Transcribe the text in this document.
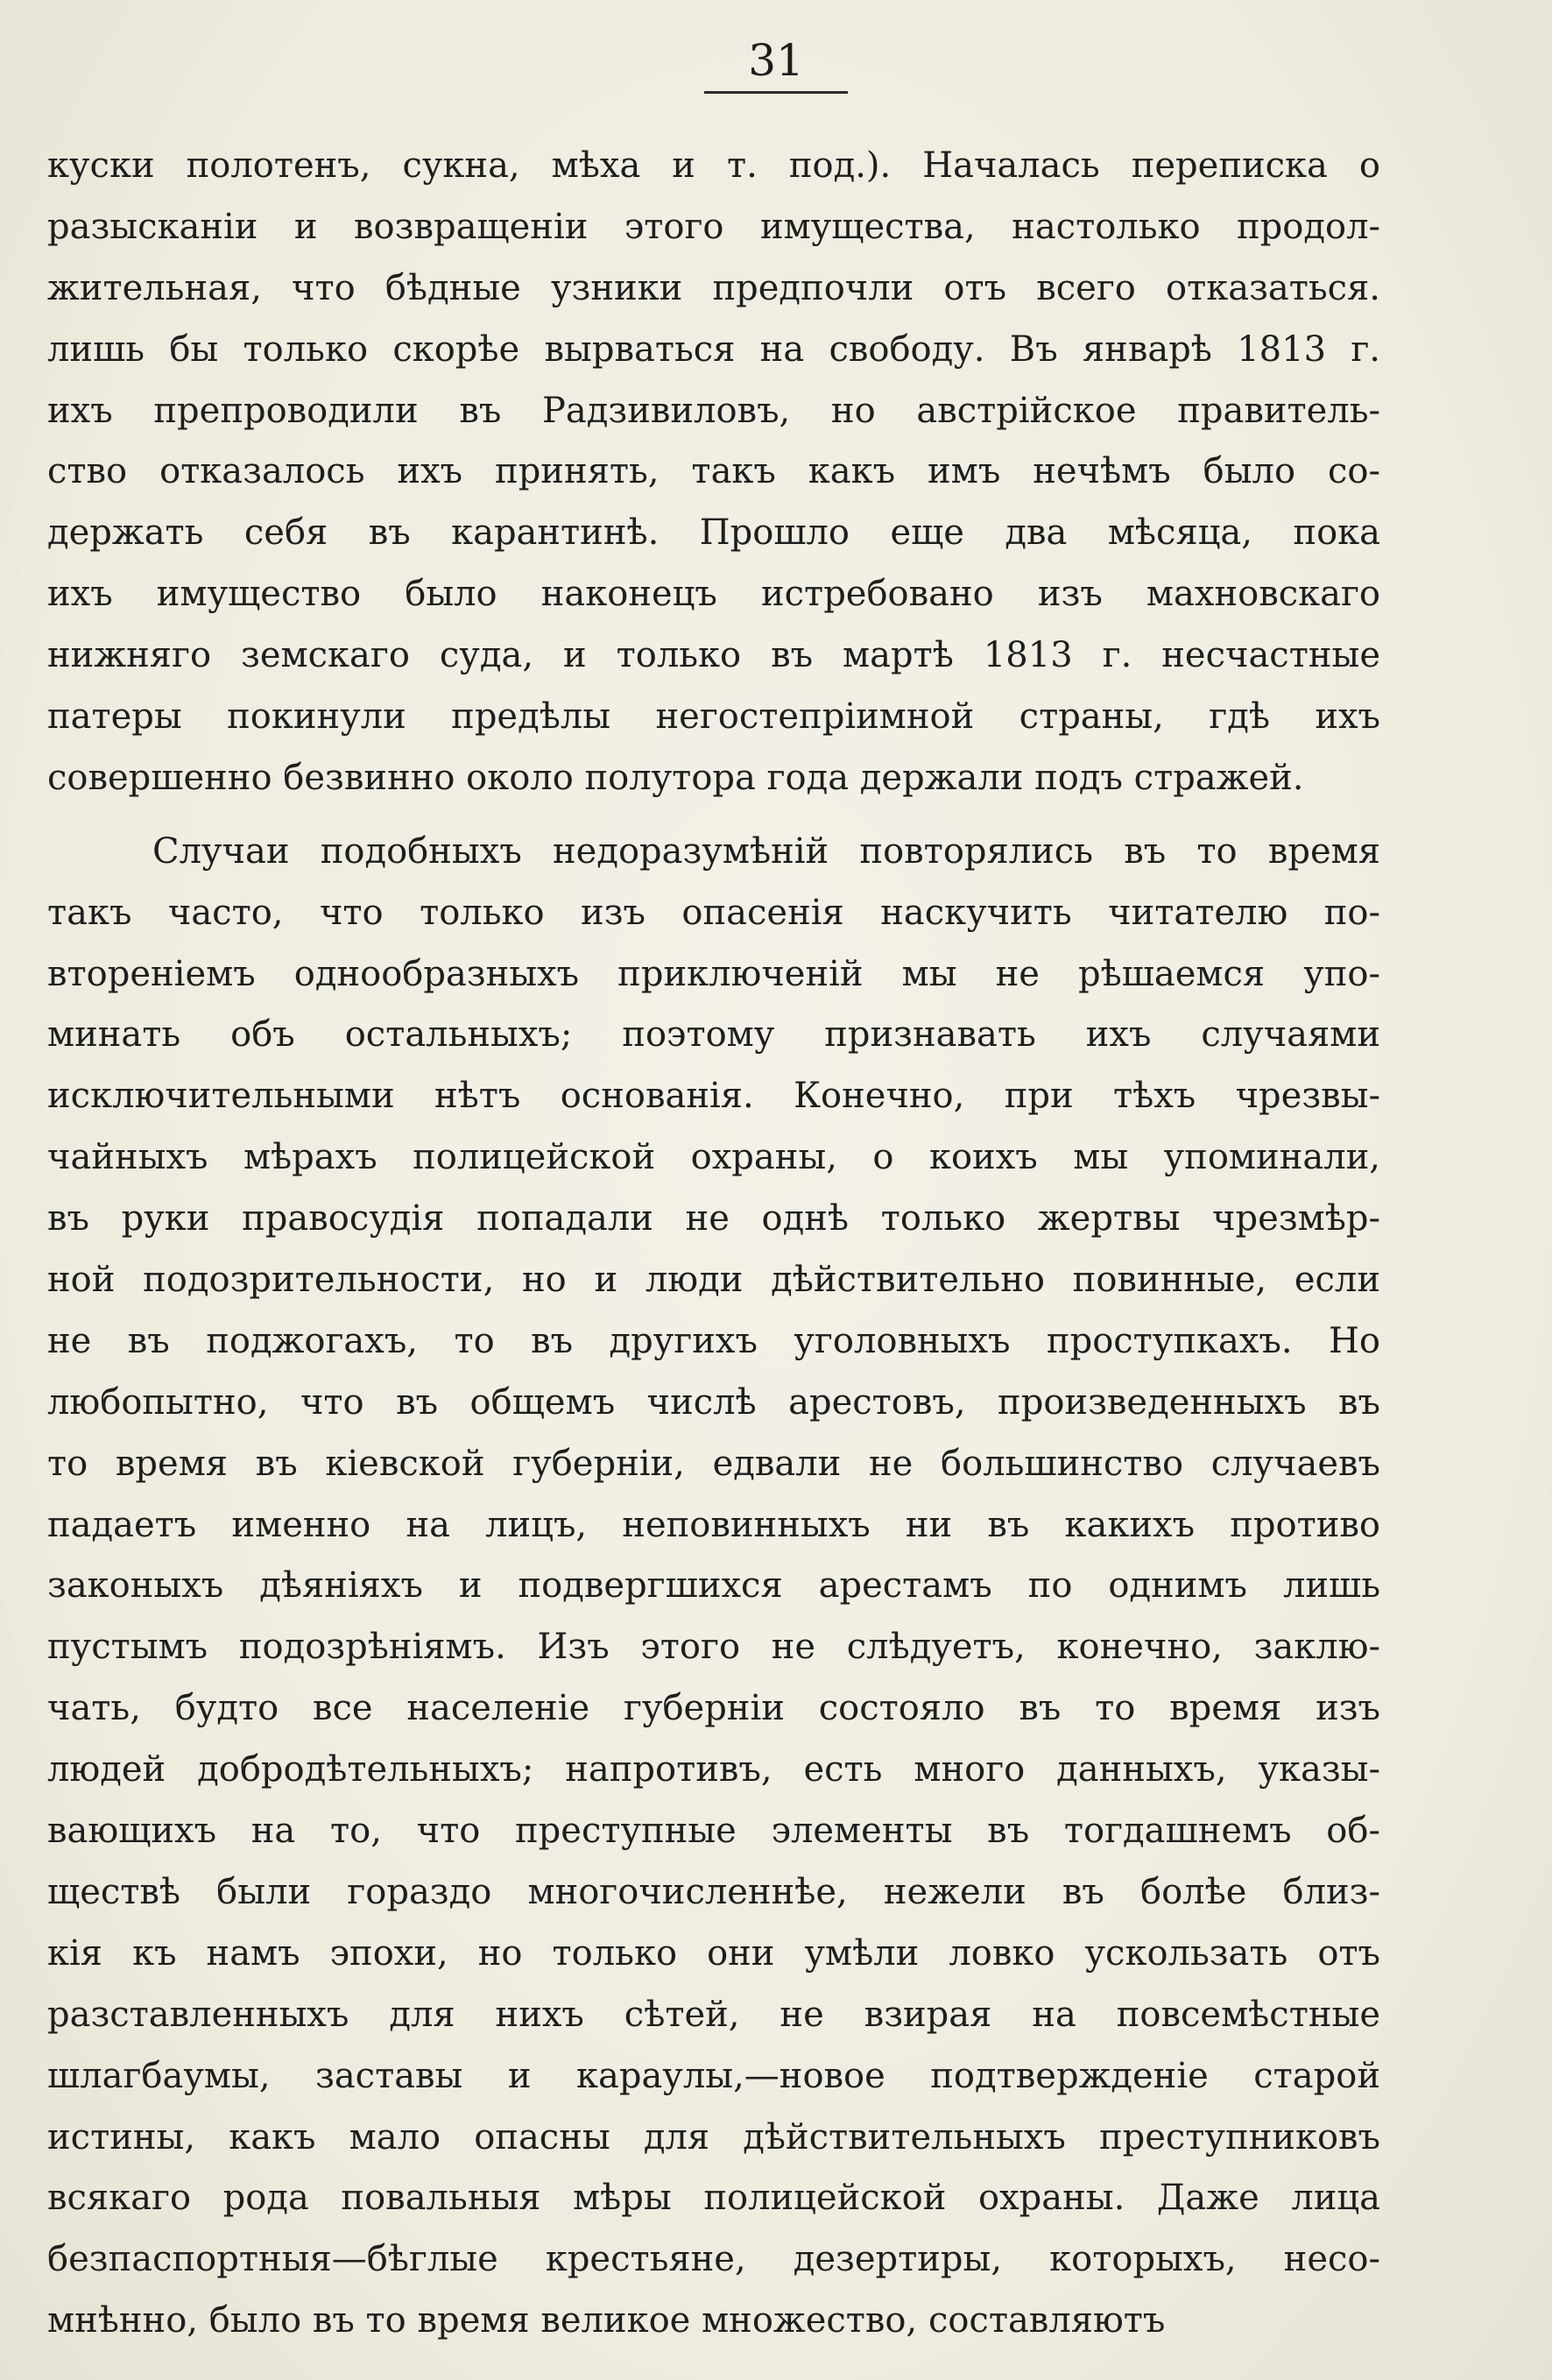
31
куски полотенъ, сукна, мѣха и т. под.). Началась переписка о
разысканіи и возвращеніи этого имущества, настолько продол-
жительная, что бѣдные узники предпочли отъ всего отказаться.
лишь бы только скорѣе вырваться на свободу. Въ январѣ 1813 г.
ихъ препроводили въ Радзивиловъ, но австрійское правитель-
ство отказалось ихъ принять, такъ какъ имъ нечѣмъ было со-
держать себя въ карантинѣ. Прошло еще два мѣсяца, пока
ихъ имущество было наконецъ истребовано изъ махновскаго
нижняго земскаго суда, и только въ мартѣ 1813 г. несчастные
патеры покинули предѣлы негостепріимной страны, гдѣ ихъ
совершенно безвинно около полутора года держали подъ стражей.
Случаи подобныхъ недоразумѣній повторялись въ то время
такъ часто, что только изъ опасенія наскучить читателю по-
вторенiемъ однообразныхъ приключеній мы не рѣшаемся упо-
минать объ остальныхъ; поэтому признавать ихъ случаями
исключительными нѣтъ основанія. Конечно, при тѣхъ чрезвы-
чайныхъ мѣрахъ полицейской охраны, о коихъ мы упоминали,
въ руки правосудія попадали не однѣ только жертвы чрезмѣр-
ной подозрительности, но и люди дѣйствительно повинные, если
не въ поджогахъ, то въ другихъ уголовныхъ проступкахъ. Но
любопытно, что въ общемъ числѣ арестовъ, произведенныхъ въ
то время въ кіевской губерніи, едвали не большинство случаевъ
падаетъ именно на лицъ, неповинныхъ ни въ какихъ противо
законыхъ дѣяніяхъ и подвергшихся арестамъ по однимъ лишь
пустымъ подозрѣніямъ. Изъ этого не слѣдуетъ, конечно, заклю-
чать, будто все населеніе губерніи состояло въ то время изъ
людей добродѣтельныхъ; напротивъ, есть много данныхъ, указы-
вающихъ на то, что преступные элементы въ тогдашнемъ об-
ществѣ были гораздо многочисленнѣе, нежели въ болѣе близ-
кія къ намъ эпохи, но только они умѣли ловко ускользать отъ
разставленныхъ для нихъ сѣтей, не взирая на повсемѣстные
шлагбаумы, заставы и караулы,—новое подтвержденіе старой
истины, какъ мало опасны для дѣйствительныхъ преступниковъ
всякаго рода повальныя мѣры полицейской охраны. Даже лица
безпаспортныя—бѣглые крестьяне, дезертиры, которыхъ, несо-
мнѣнно, было въ то время великое множество, составляютъ
